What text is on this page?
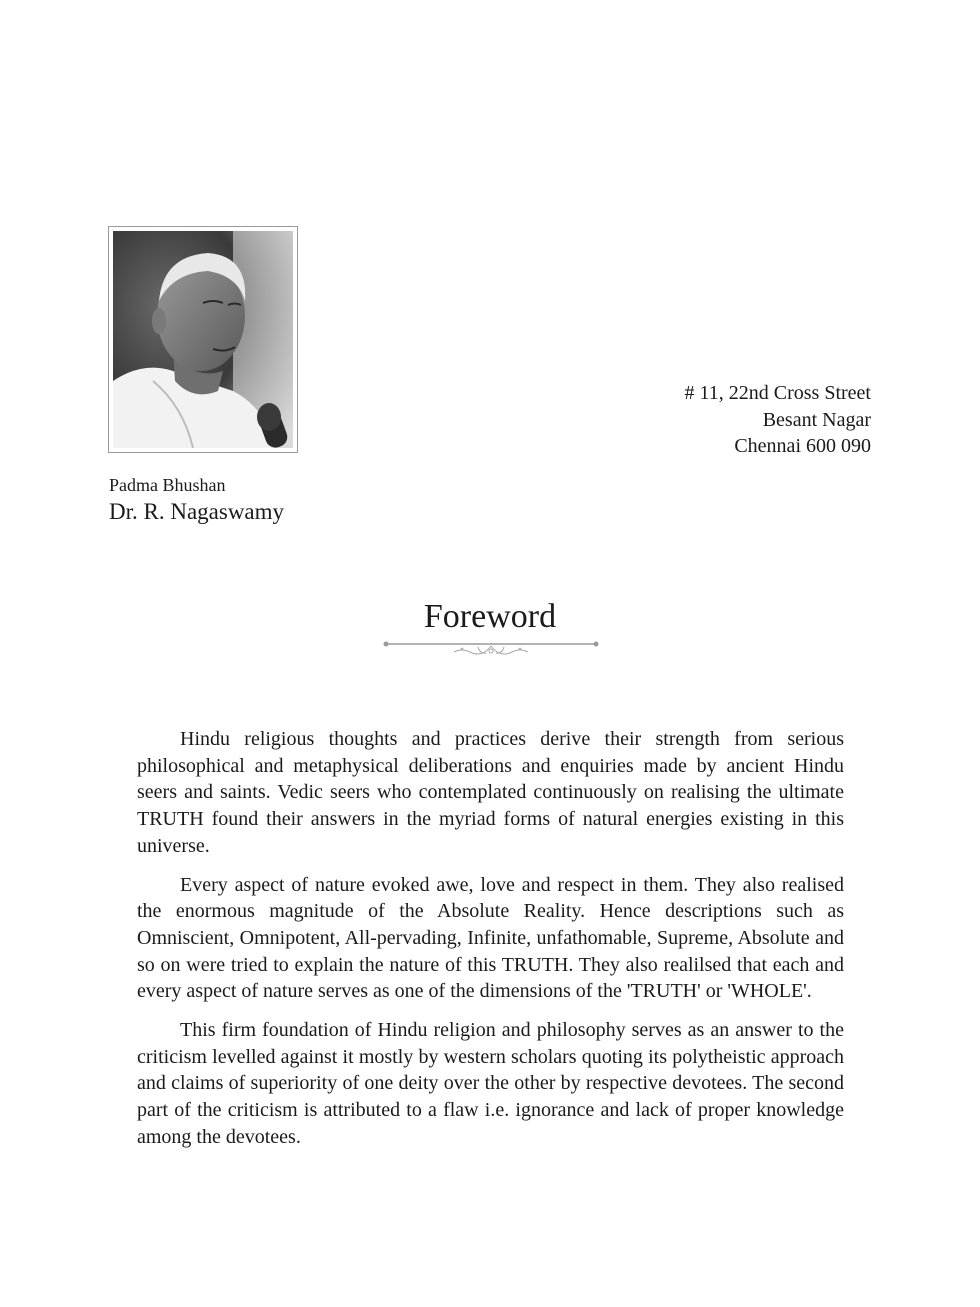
# 11, 22nd Cross Street
Besant Nagar
Chennai 600 090
Padma Bhushan
Dr. R. Nagaswamy
Foreword

Hindu religious thoughts and practices derive their strength from serious philosophical and metaphysical deliberations and enquiries made by ancient Hindu seers and saints. Vedic seers who contemplated continuously on realising the ultimate TRUTH found their answers in the myriad forms of natural energies existing in this universe.

Every aspect of nature evoked awe, love and respect in them. They also realised the enormous magnitude of the Absolute Reality. Hence descriptions such as Omniscient, Omnipotent, All-pervading, Infinite, unfathomable, Supreme, Absolute and so on were tried to explain the nature of this TRUTH. They also realilsed that each and every aspect of nature serves as one of the dimensions of the 'TRUTH' or 'WHOLE'.

This firm foundation of Hindu religion and philosophy serves as an answer to the criticism levelled against it mostly by western scholars quoting its polytheistic approach and claims of superiority of one deity over the other by respective devotees. The second part of the criticism is attributed to a flaw i.e. ignorance and lack of proper knowledge among the devotees.
